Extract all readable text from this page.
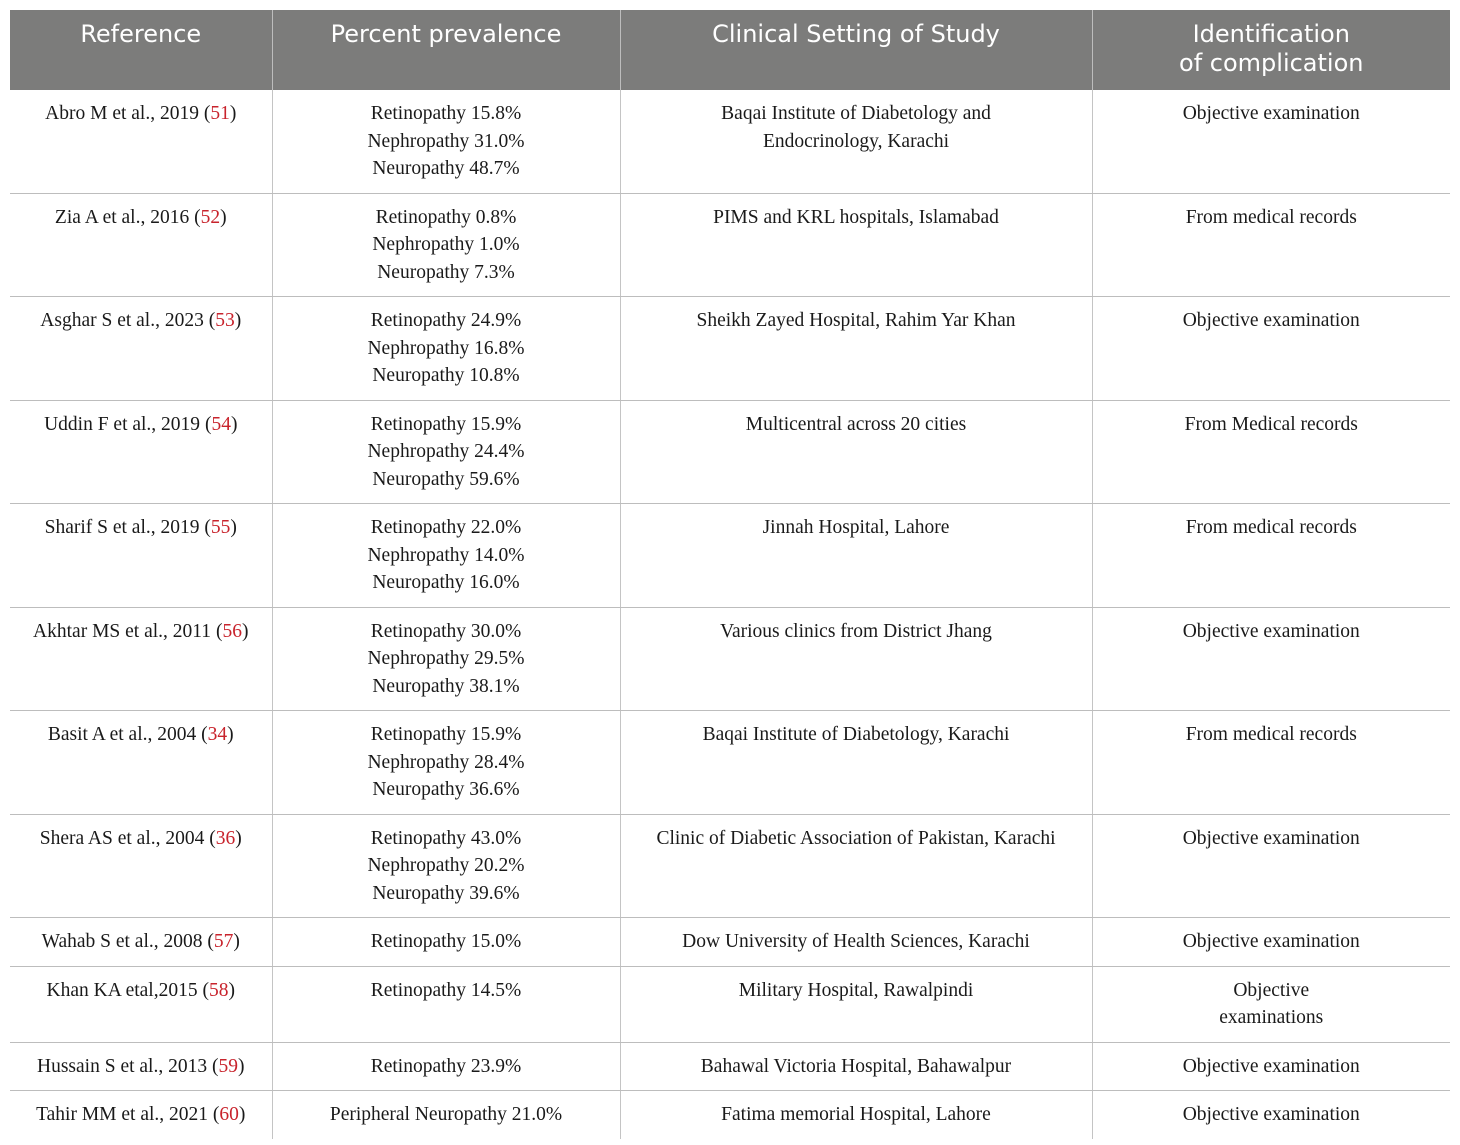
Reference	Percent prevalence	Clinical Setting of Study	Identification
of complication

Abro M et al., 2019 (51)	Retinopathy 15.8%
Nephropathy 31.0%
Neuropathy 48.7%	Baqai Institute of Diabetology and
Endocrinology, Karachi	Objective examination

Zia A et al., 2016 (52)	Retinopathy 0.8%
Nephropathy 1.0%
Neuropathy 7.3%	PIMS and KRL hospitals, Islamabad	From medical records

Asghar S et al., 2023 (53)	Retinopathy 24.9%
Nephropathy 16.8%
Neuropathy 10.8%	Sheikh Zayed Hospital, Rahim Yar Khan	Objective examination

Uddin F et al., 2019 (54)	Retinopathy 15.9%
Nephropathy 24.4%
Neuropathy 59.6%	Multicentral across 20 cities	From Medical records

Sharif S et al., 2019 (55)	Retinopathy 22.0%
Nephropathy 14.0%
Neuropathy 16.0%	Jinnah Hospital, Lahore	From medical records

Akhtar MS et al., 2011 (56)	Retinopathy 30.0%
Nephropathy 29.5%
Neuropathy 38.1%	Various clinics from District Jhang	Objective examination

Basit A et al., 2004 (34)	Retinopathy 15.9%
Nephropathy 28.4%
Neuropathy 36.6%	Baqai Institute of Diabetology, Karachi	From medical records

Shera AS et al., 2004 (36)	Retinopathy 43.0%
Nephropathy 20.2%
Neuropathy 39.6%	Clinic of Diabetic Association of Pakistan, Karachi	Objective examination

Wahab S et al., 2008 (57)	Retinopathy 15.0%	Dow University of Health Sciences, Karachi	Objective examination

Khan KA etal,2015 (58)	Retinopathy 14.5%	Military Hospital, Rawalpindi	Objective
examinations

Hussain S et al., 2013 (59)	Retinopathy 23.9%	Bahawal Victoria Hospital, Bahawalpur	Objective examination

Tahir MM et al., 2021 (60)	Peripheral Neuropathy 21.0%	Fatima memorial Hospital, Lahore	Objective examination
